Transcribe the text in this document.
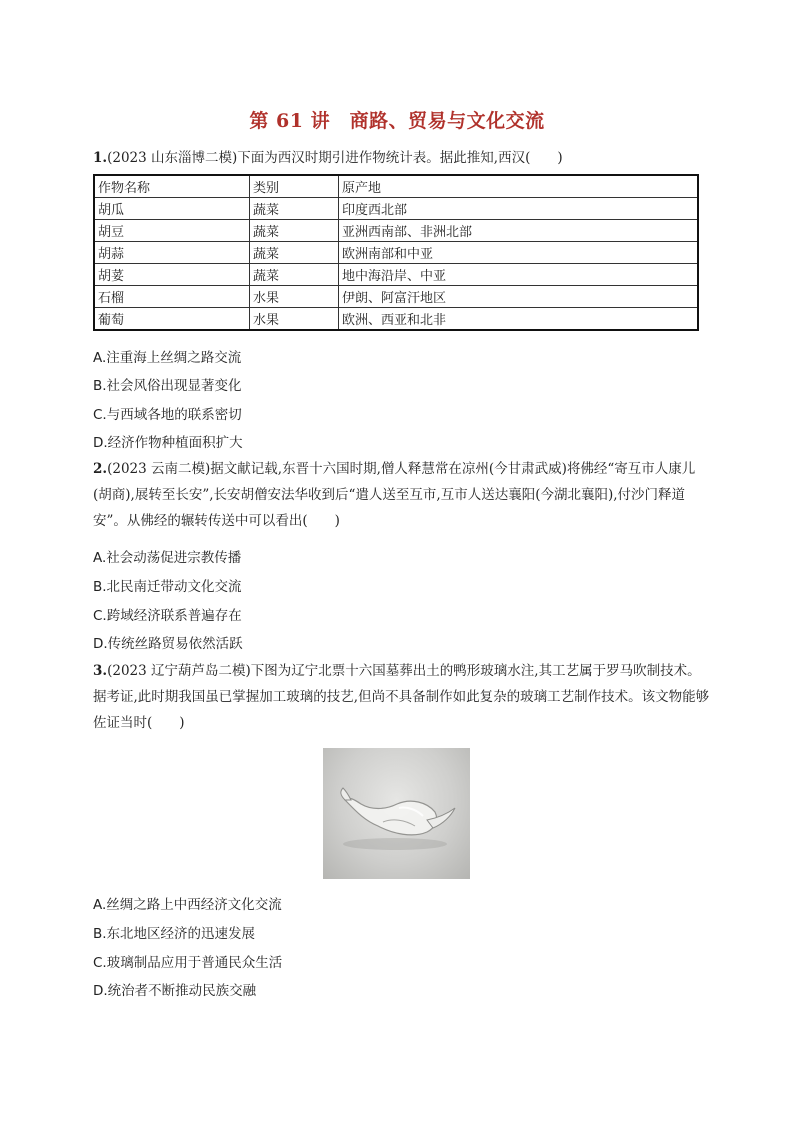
第 61 讲　商路、贸易与文化交流
1.(2023 山东淄博二模)下面为西汉时期引进作物统计表。据此推知,西汉(　　)
作物名称	类别	原产地
胡瓜	蔬菜	印度西北部
胡豆	蔬菜	亚洲西南部、非洲北部
胡蒜	蔬菜	欧洲南部和中亚
胡荽	蔬菜	地中海沿岸、中亚
石榴	水果	伊朗、阿富汗地区
葡萄	水果	欧洲、西亚和北非
A.注重海上丝绸之路交流
B.社会风俗出现显著变化
C.与西域各地的联系密切
D.经济作物种植面积扩大
2.(2023 云南二模)据文献记载,东晋十六国时期,僧人释慧常在凉州(今甘肃武威)将佛经“寄互市人康儿(胡商),展转至长安”,长安胡僧安法华收到后“遣人送至互市,互市人送达襄阳(今湖北襄阳),付沙门释道安”。从佛经的辗转传送中可以看出(　　)
A.社会动荡促进宗教传播
B.北民南迁带动文化交流
C.跨域经济联系普遍存在
D.传统丝路贸易依然活跃
3.(2023 辽宁葫芦岛二模)下图为辽宁北票十六国墓葬出土的鸭形玻璃水注,其工艺属于罗马吹制技术。据考证,此时期我国虽已掌握加工玻璃的技艺,但尚不具备制作如此复杂的玻璃工艺制作技术。该文物能够佐证当时(　　)
A.丝绸之路上中西经济文化交流
B.东北地区经济的迅速发展
C.玻璃制品应用于普通民众生活
D.统治者不断推动民族交融
